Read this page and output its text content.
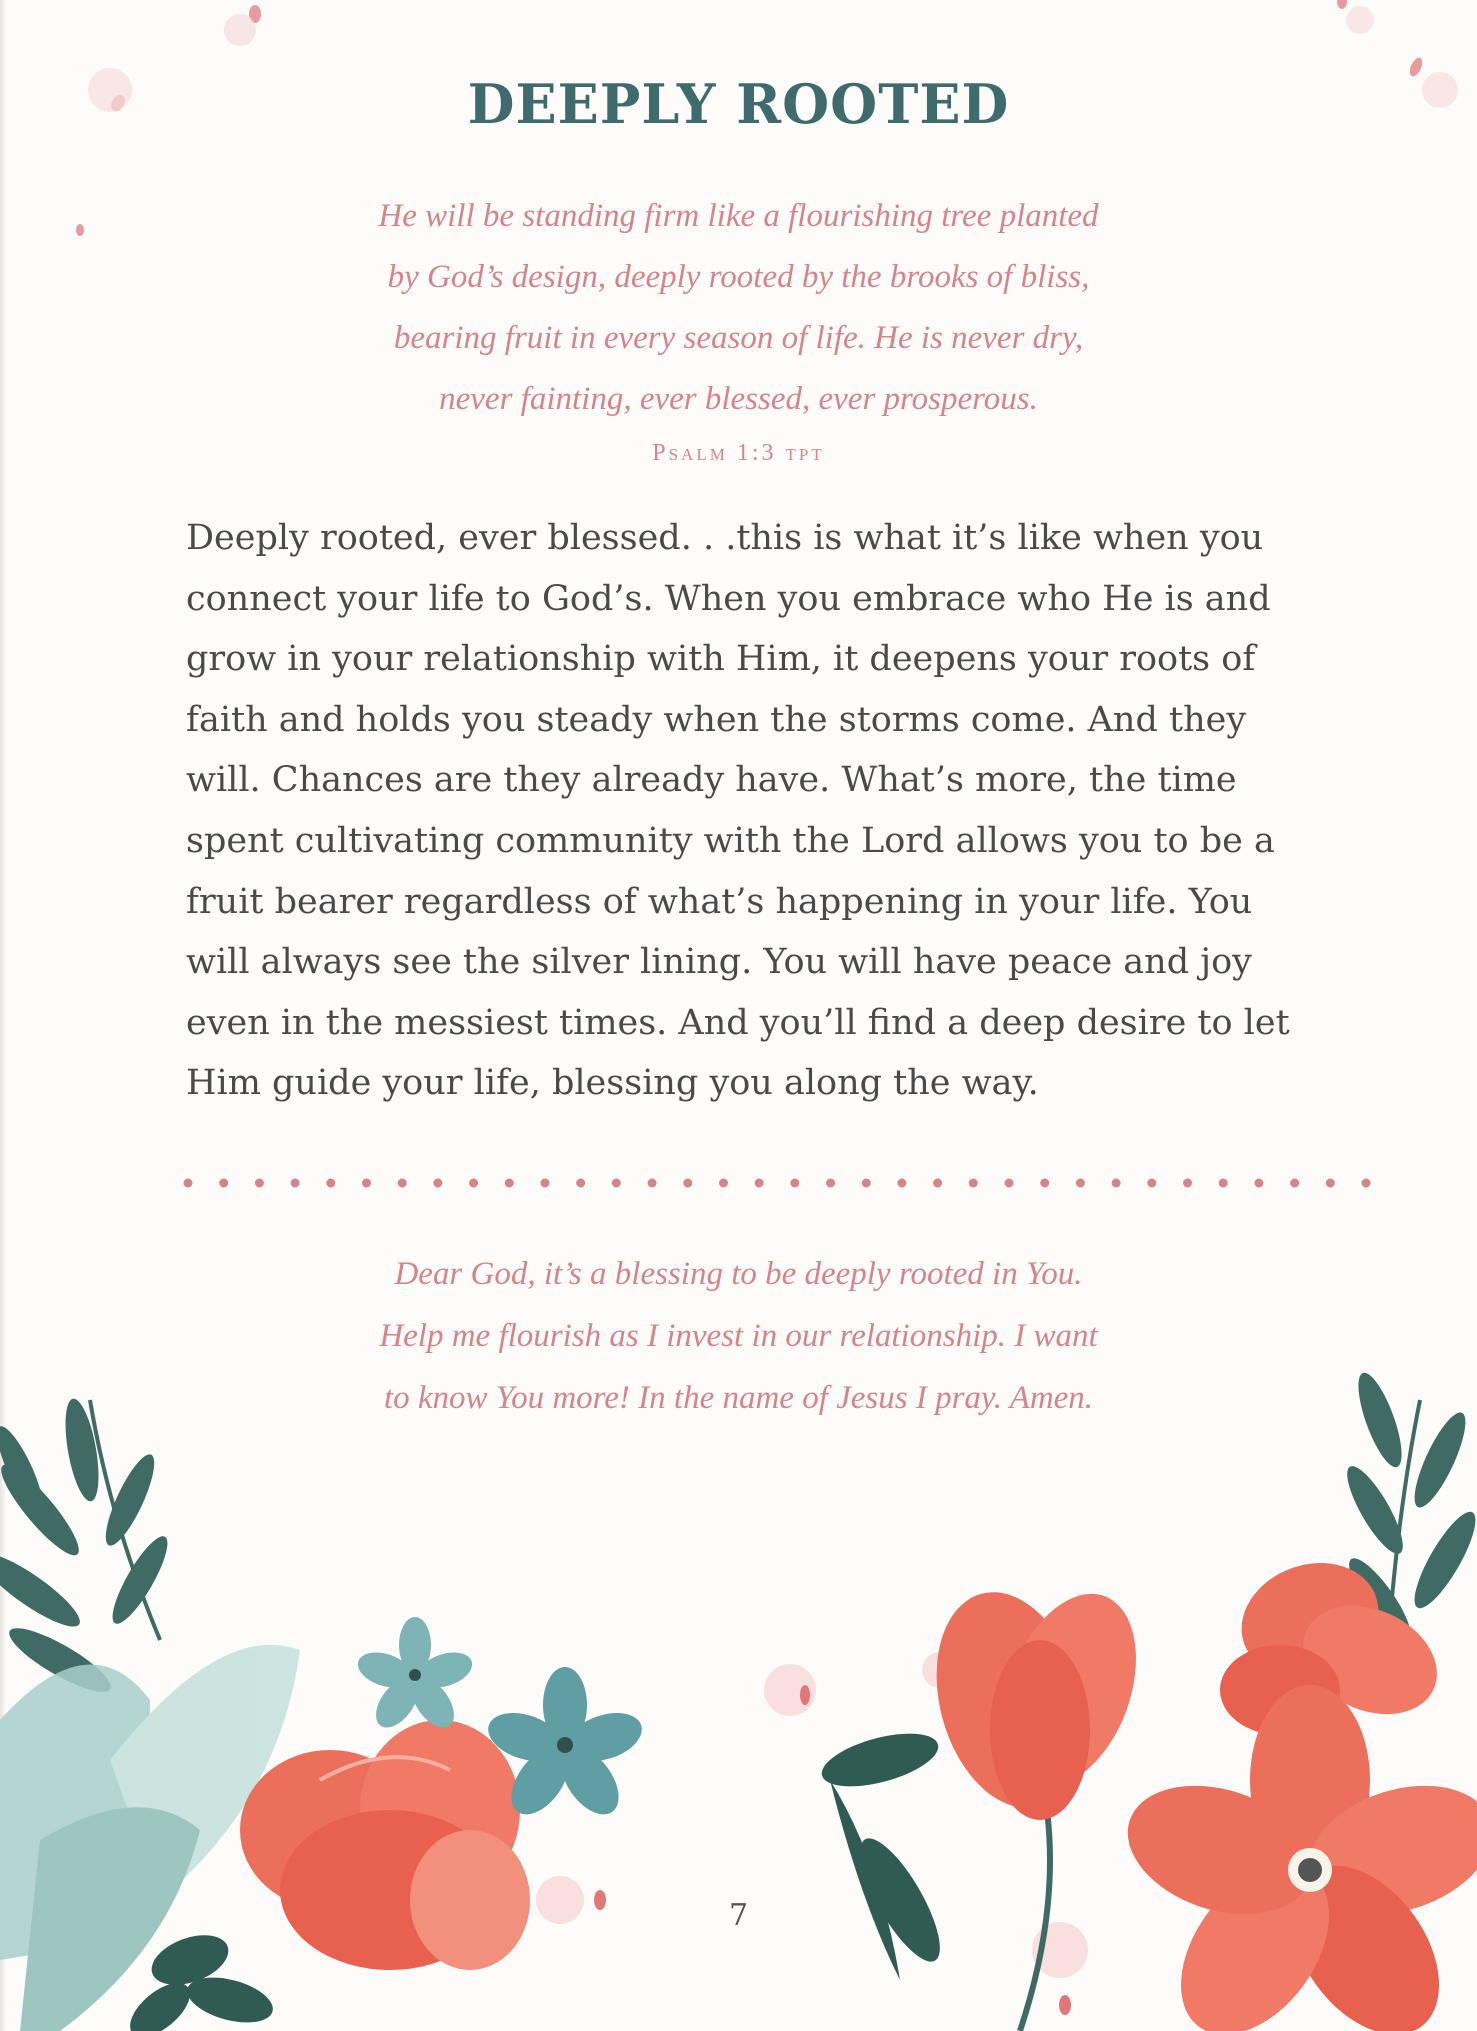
DEEPLY ROOTED
He will be standing firm like a flourishing tree planted
by God’s design, deeply rooted by the brooks of bliss,
bearing fruit in every season of life. He is never dry,
never fainting, ever blessed, ever prosperous.
Psalm 1:3 tpt
Deeply rooted, ever blessed. . .this is what it’s like when you
connect your life to God’s. When you embrace who He is and
grow in your relationship with Him, it deepens your roots of
faith and holds you steady when the storms come. And they
will. Chances are they already have. What’s more, the time
spent cultivating community with the Lord allows you to be a
fruit bearer regardless of what’s happening in your life. You
will always see the silver lining. You will have peace and joy
even in the messiest times. And you’ll find a deep desire to let
Him guide your life, blessing you along the way.
Dear God, it’s a blessing to be deeply rooted in You.
Help me flourish as I invest in our relationship. I want
to know You more! In the name of Jesus I pray. Amen.
7
